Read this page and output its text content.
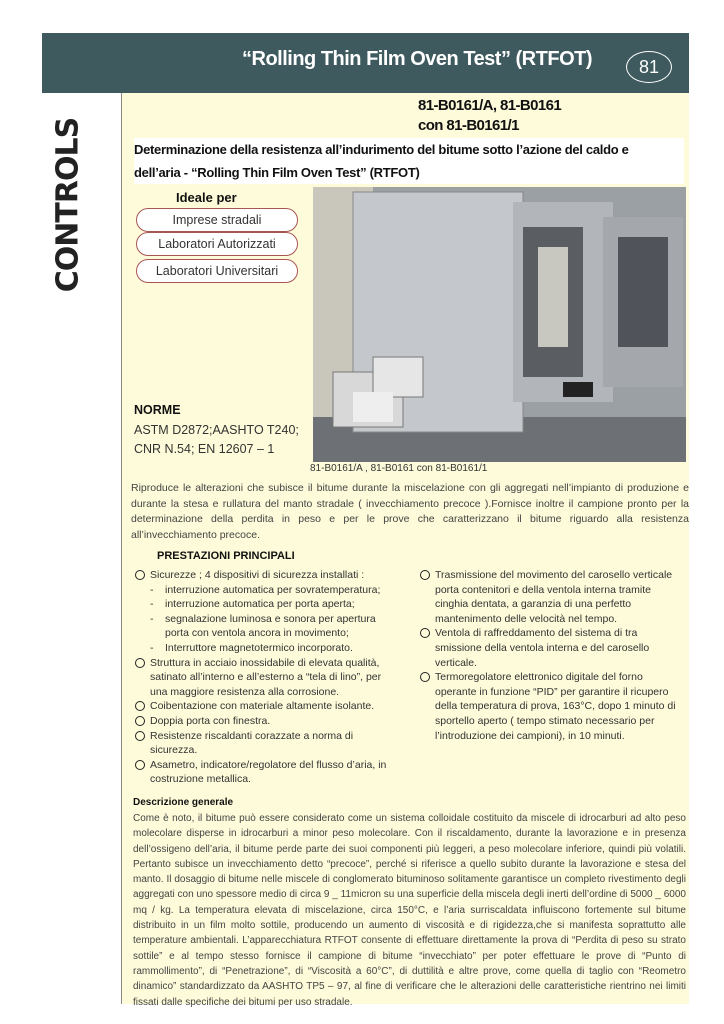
“Rolling Thin Film Oven Test” (RTFOT)	81
CONTROLS
81-B0161/A, 81-B0161
con 81-B0161/1
Determinazione della resistenza all’indurimento del bitume sotto l’azione del caldo e
dell’aria - “Rolling Thin Film Oven Test” (RTFOT)
Ideale per
Imprese stradali
Laboratori Autorizzati
Laboratori Universitari
81-B0161/A , 81-B0161 con 81-B0161/1
NORME
ASTM D2872;AASHTO T240;
CNR N.54; EN 12607 – 1
Riproduce le alterazioni che subisce il bitume durante la miscelazione con gli aggregati nell’impianto di produzione e durante la stesa e rullatura del manto stradale ( invecchiamento precoce ).Fornisce inoltre il campione pronto per la determinazione della perdita in peso e per le prove che caratterizzano il bitume riguardo alla resistenza all’invecchiamento precoce.
PRESTAZIONI PRINCIPALI
Sicurezze ; 4 dispositivi di sicurezza installati :
- interruzione automatica per sovratemperatura;
- interruzione automatica per porta aperta;
- segnalazione luminosa e sonora per apertura porta con ventola ancora in movimento;
- Interruttore magnetotermico incorporato.
Struttura in acciaio inossidabile di elevata qualità, satinato all’interno e all’esterno a “tela di lino”, per una maggiore resistenza alla corrosione.
Coibentazione con materiale altamente isolante.
Doppia porta con finestra.
Resistenze riscaldanti corazzate a norma di sicurezza.
Asametro, indicatore/regolatore del flusso d’aria, in costruzione metallica.
Trasmissione del movimento del carosello verticale porta contenitori e della ventola interna tramite cinghia dentata, a garanzia di una perfetto mantenimento delle velocità nel tempo.
Ventola di raffreddamento del sistema di tra smissione della ventola interna e del carosello verticale.
Termoregolatore elettronico digitale del forno operante in funzione “PID” per garantire il ricupero della temperatura di prova, 163°C, dopo 1 minuto di sportello aperto ( tempo stimato necessario per l’introduzione dei campioni), in 10 minuti.
Descrizione generale
Come è noto, il bitume può essere considerato come un sistema colloidale costituito da miscele di idrocarburi ad alto peso molecolare disperse in idrocarburi a minor peso molecolare. Con il riscaldamento, durante la lavorazione e in presenza dell’ossigeno dell’aria, il bitume perde parte dei suoi componenti più leggeri, a peso molecolare inferiore, quindi più volatili. Pertanto subisce un invecchiamento detto “precoce”, perché si riferisce a quello subito durante la lavorazione e stesa del manto. Il dosaggio di bitume nelle miscele di conglomerato bituminoso solitamente garantisce un completo rivestimento degli aggregati con uno spessore medio di circa 9 _ 11micron su una superficie della miscela degli inerti dell’ordine di 5000 _ 6000 mq / kg. La temperatura elevata di miscelazione, circa 150°C, e l’aria surriscaldata influiscono fortemente sul bitume distribuito in un film molto sottile, producendo un aumento di viscosità e di rigidezza,che si manifesta soprattutto alle temperature ambientali. L’apparecchiatura RTFOT consente di effettuare direttamente la prova di “Perdita di peso su strato sottile” e al tempo stesso fornisce il campione di bitume “invecchiato” per poter effettuare le prove di “Punto di rammollimento”, di “Penetrazione”, di “Viscosità a 60°C”, di duttilità e altre prove, come quella di taglio con “Reometro dinamico” standardizzato da AASHTO TP5 – 97, al fine di verificare che le alterazioni delle caratteristiche rientrino nei limiti fissati dalle specifiche dei bitumi per uso stradale.
